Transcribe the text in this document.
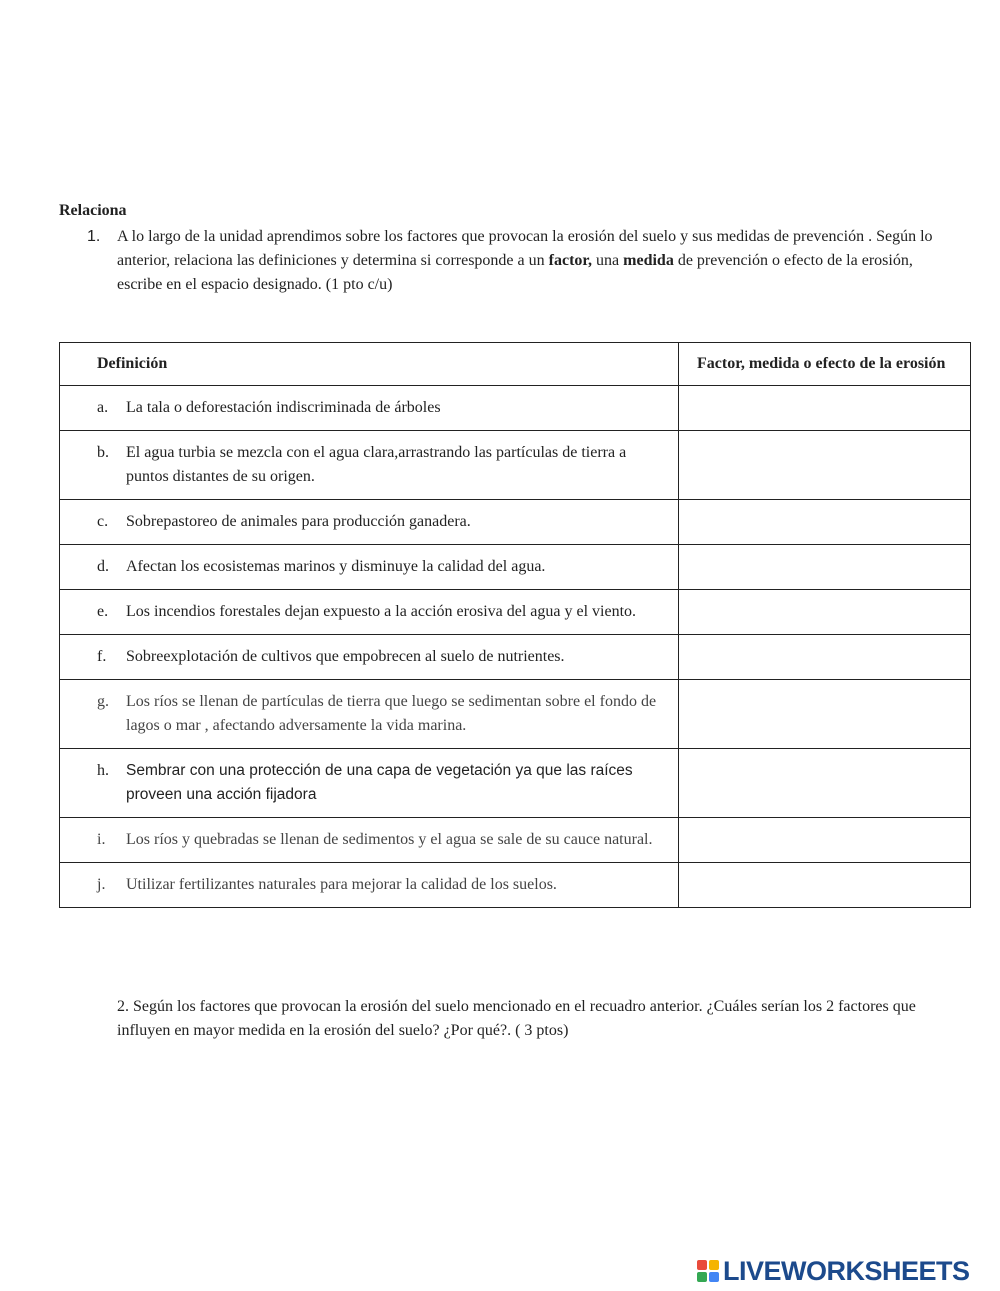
Relaciona
1. A lo largo de la unidad aprendimos sobre los factores que provocan la erosión del suelo y sus medidas de prevención . Según lo anterior, relaciona las definiciones y determina si corresponde a un factor, una medida de prevención o efecto de la erosión, escribe en el espacio designado. (1 pto c/u)
Definición	Factor, medida o efecto de la erosión

a. La tala o deforestación indiscriminada de árboles	

b. El agua turbia se mezcla con el agua clara,arrastrando las partículas de tierra a puntos distantes de su origen.	

c. Sobrepastoreo de animales para producción ganadera.	

d. Afectan los ecosistemas marinos y disminuye la calidad del agua.	

e. Los incendios forestales dejan expuesto a la acción erosiva del agua y el viento.	

f. Sobreexplotación de cultivos que empobrecen al suelo de nutrientes.	

g. Los ríos se llenan de partículas de tierra que luego se sedimentan sobre el fondo de lagos o mar , afectando adversamente la vida marina.	

h. Sembrar con una protección de una capa de vegetación ya que las raíces proveen una acción fijadora	

i. Los ríos y quebradas se llenan de sedimentos y el agua se sale de su cauce natural.	

j. Utilizar fertilizantes naturales para mejorar la calidad de los suelos.	
2. Según los factores que provocan la erosión del suelo mencionado en el recuadro anterior. ¿Cuáles serían los 2 factores que influyen en mayor medida en la erosión del suelo? ¿Por qué?. ( 3 ptos)
LIVEWORKSHEETS
